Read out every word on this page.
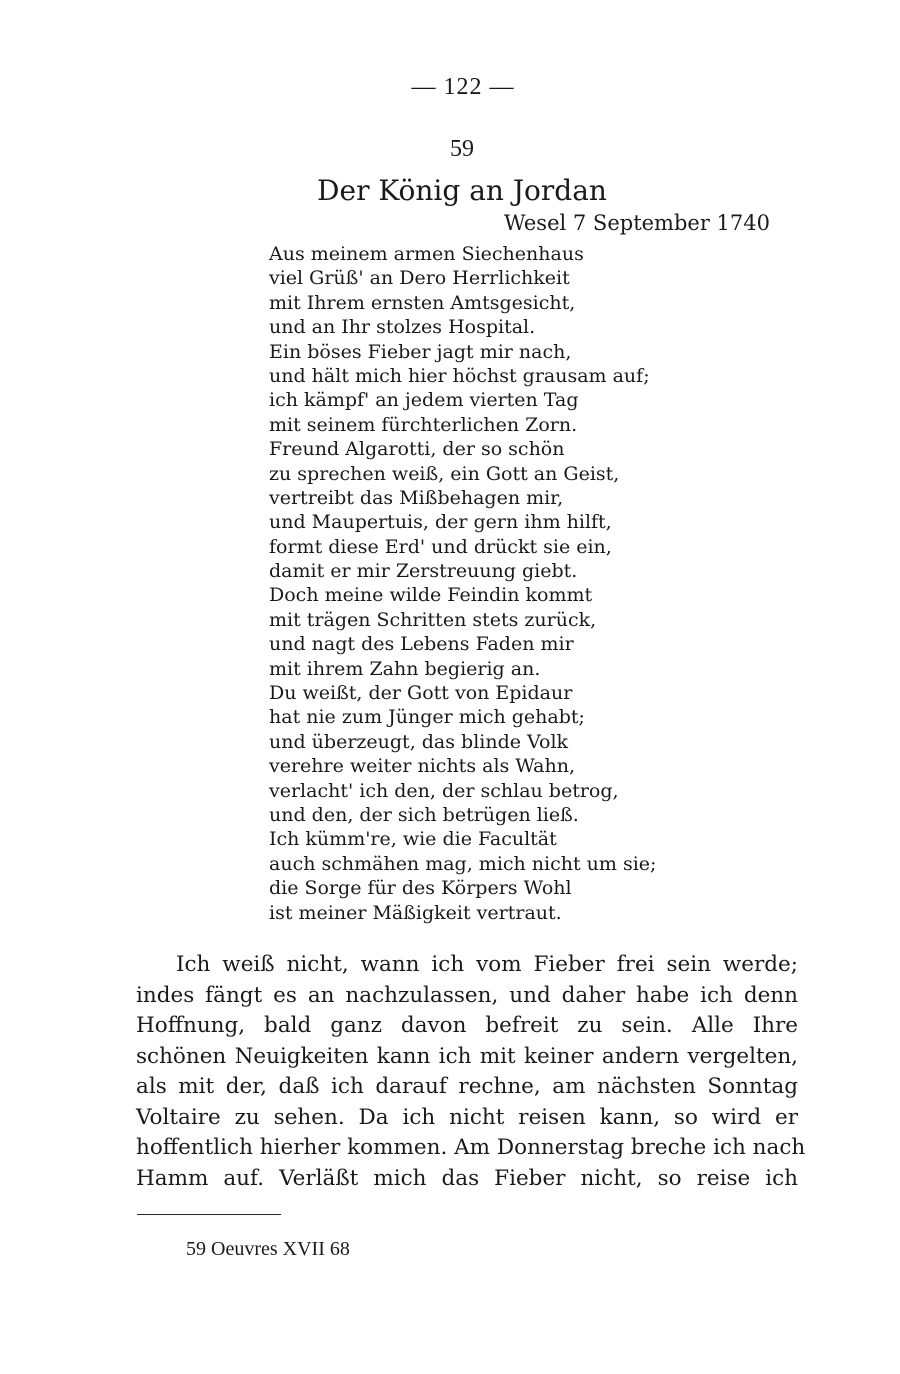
— 122 —
59
Der König an Jordan
Wesel 7 September 1740
Aus meinem armen Siechenhaus
viel Grüß' an Dero Herrlichkeit
mit Ihrem ernsten Amtsgesicht,
und an Ihr stolzes Hospital.
Ein böses Fieber jagt mir nach,
und hält mich hier höchst grausam auf;
ich kämpf' an jedem vierten Tag
mit seinem fürchterlichen Zorn.
Freund Algarotti, der so schön
zu sprechen weiß, ein Gott an Geist,
vertreibt das Mißbehagen mir,
und Maupertuis, der gern ihm hilft,
formt diese Erd' und drückt sie ein,
damit er mir Zerstreuung giebt.
Doch meine wilde Feindin kommt
mit trägen Schritten stets zurück,
und nagt des Lebens Faden mir
mit ihrem Zahn begierig an.
Du weißt, der Gott von Epidaur
hat nie zum Jünger mich gehabt;
und überzeugt, das blinde Volk
verehre weiter nichts als Wahn,
verlacht' ich den, der schlau betrog,
und den, der sich betrügen ließ.
Ich kümm're, wie die Facultät
auch schmähen mag, mich nicht um sie;
die Sorge für des Körpers Wohl
ist meiner Mäßigkeit vertraut.
Ich weiß nicht, wann ich vom Fieber frei sein werde;
indes fängt es an nachzulassen, und daher habe ich denn
Hoffnung, bald ganz davon befreit zu sein. Alle Ihre
schönen Neuigkeiten kann ich mit keiner andern vergelten,
als mit der, daß ich darauf rechne, am nächsten Sonntag
Voltaire zu sehen. Da ich nicht reisen kann, so wird er
hoffentlich hierher kommen. Am Donnerstag breche ich nach
Hamm auf. Verläßt mich das Fieber nicht, so reise ich
59 Oeuvres XVII 68
